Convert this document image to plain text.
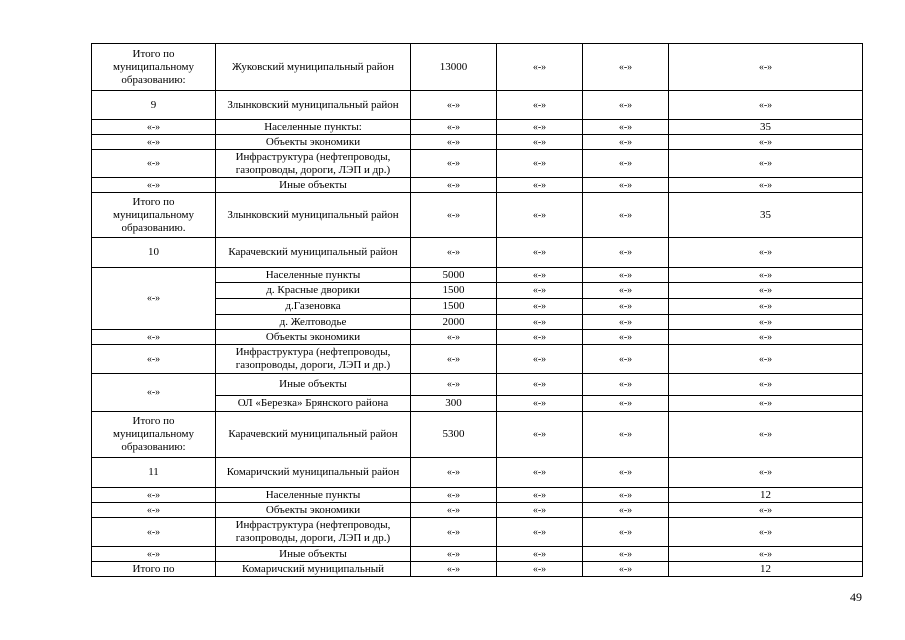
Итого по муниципальному образованию:	Жуковский муниципальный район	13000	«-»	«-»	«-»
9	Злынковский муниципальный район	«-»	«-»	«-»	«-»
«-»	Населенные пункты:	«-»	«-»	«-»	35
«-»	Объекты экономики	«-»	«-»	«-»	«-»
«-»	Инфраструктура (нефтепроводы, газопроводы, дороги, ЛЭП и др.)	«-»	«-»	«-»	«-»
«-»	Иные объекты	«-»	«-»	«-»	«-»
Итого по муниципальному образованию.	Злынковский муниципальный район	«-»	«-»	«-»	35
10	Карачевский муниципальный район	«-»	«-»	«-»	«-»
«-»	Населенные пункты	5000	«-»	«-»	«-»
	д. Красные дворики	1500	«-»	«-»	«-»
	д.Газеновка	1500	«-»	«-»	«-»
	д. Желтоводье	2000	«-»	«-»	«-»
«-»	Объекты экономики	«-»	«-»	«-»	«-»
«-»	Инфраструктура (нефтепроводы, газопроводы, дороги, ЛЭП и др.)	«-»	«-»	«-»	«-»
«-»	Иные объекты	«-»	«-»	«-»	«-»
	ОЛ «Березка» Брянского района	300	«-»	«-»	«-»
Итого по муниципальному образованию:	Карачевский муниципальный район	5300	«-»	«-»	«-»
11	Комаричский муниципальный район	«-»	«-»	«-»	«-»
«-»	Населенные пункты	«-»	«-»	«-»	12
«-»	Объекты экономики	«-»	«-»	«-»	«-»
«-»	Инфраструктура (нефтепроводы, газопроводы, дороги, ЛЭП и др.)	«-»	«-»	«-»	«-»
«-»	Иные объекты	«-»	«-»	«-»	«-»
Итого по	Комаричский муниципальный	«-»	«-»	«-»	12
49
